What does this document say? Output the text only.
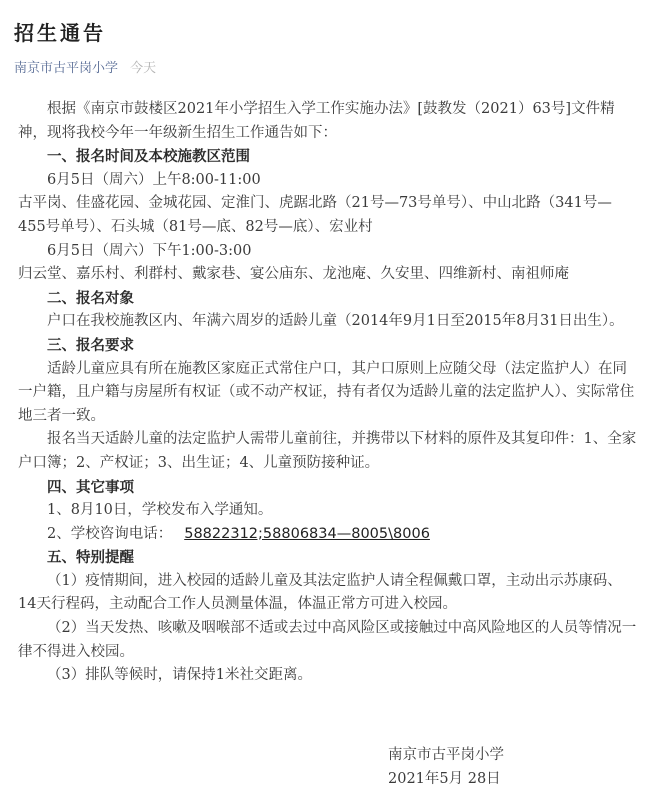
招生通告
南京市古平岗小学 今天

根据《南京市鼓楼区2021年小学招生入学工作实施办法》[鼓教发（2021）63号]文件精神，现将我校今年一年级新生招生工作通告如下：

一、报名时间及本校施教区范围

6月5日（周六）上午8:00-11:00

古平岗、佳盛花园、金城花园、定淮门、虎踞北路（21号—73号单号）、中山北路（341号—455号单号）、石头城（81号—底、82号—底）、宏业村

6月5日（周六）下午1:00-3:00

归云堂、嘉乐村、利群村、戴家巷、宴公庙东、龙池庵、久安里、四维新村、南祖师庵

二、报名对象

户口在我校施教区内、年满六周岁的适龄儿童（2014年9月1日至2015年8月31日出生）。

三、报名要求

适龄儿童应具有所在施教区家庭正式常住户口，其户口原则上应随父母（法定监护人）在同一户籍，且户籍与房屋所有权证（或不动产权证，持有者仅为适龄儿童的法定监护人）、实际常住地三者一致。

报名当天适龄儿童的法定监护人需带儿童前往，并携带以下材料的原件及其复印件：1、全家户口簿；2、产权证；3、出生证；4、儿童预防接种证。

四、其它事项

1、8月10日，学校发布入学通知。

2、学校咨询电话： 58822312;58806834—8005\8006

五、特别提醒

（1）疫情期间，进入校园的适龄儿童及其法定监护人请全程佩戴口罩，主动出示苏康码、14天行程码，主动配合工作人员测量体温，体温正常方可进入校园。

（2）当天发热、咳嗽及咽喉部不适或去过中高风险区或接触过中高风险地区的人员等情况一律不得进入校园。

（3）排队等候时，请保持1米社交距离。

南京市古平岗小学

2021年5月 28日
